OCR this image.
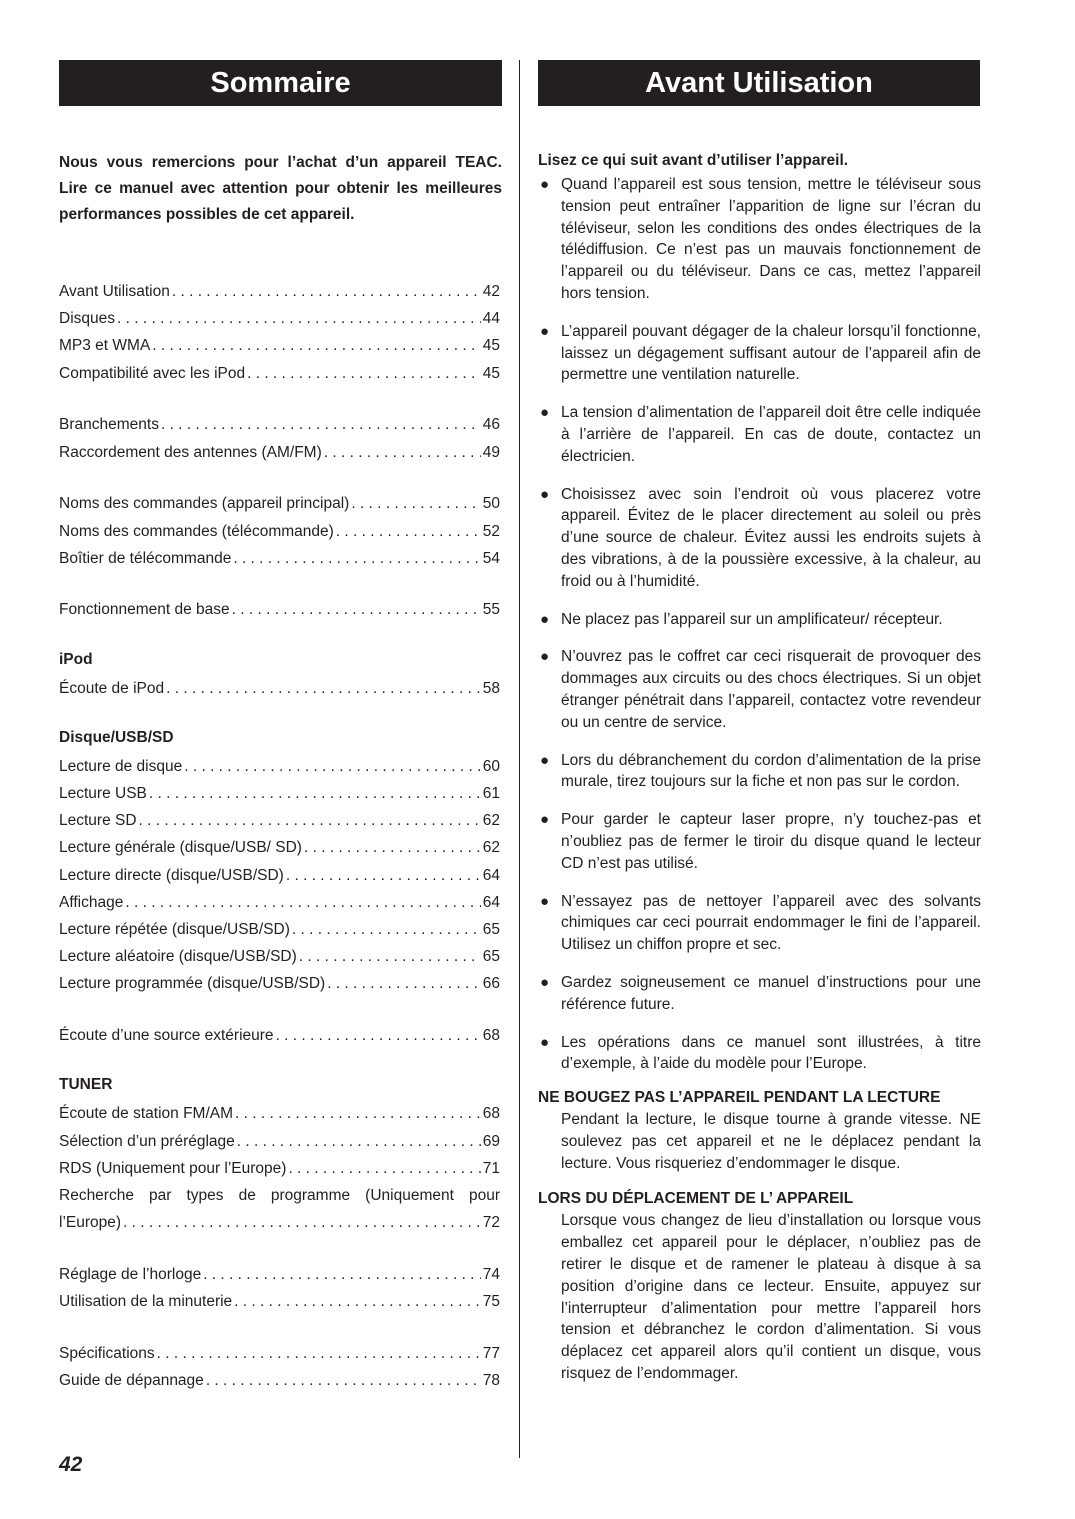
Sommaire	Avant Utilisation

Nous vous remercions pour l’achat d’un appareil TEAC. Lire ce manuel avec attention pour obtenir les meilleures performances possibles de cet appareil.

Avant Utilisation . . .	42
Disques . . .	44
MP3 et WMA . . .	45
Compatibilité avec les iPod . . .	45
Branchements . . .	46
Raccordement des antennes (AM/FM) . . .	49
Noms des commandes (appareil principal) . . .	50
Noms des commandes (télécommande) . . .	52
Boîtier de télécommande . . .	54
Fonctionnement de base . . .	55
iPod
Écoute de iPod . . .	58
Disque/USB/SD
Lecture de disque . . .	60
Lecture USB . . .	61
Lecture SD . . .	62
Lecture générale (disque/USB/ SD) . . .	62
Lecture directe (disque/USB/SD) . . .	64
Affichage . . .	64
Lecture répétée (disque/USB/SD) . . .	65
Lecture aléatoire (disque/USB/SD) . . .	65
Lecture programmée (disque/USB/SD) . . .	66
Écoute d’une source extérieure . . .	68
TUNER
Écoute de station FM/AM . . .	68
Sélection d’un préréglage . . .	69
RDS (Uniquement pour l’Europe) . . .	71
Recherche par types de programme (Uniquement pour
l’Europe) . . .	72
Réglage de l’horloge . . .	74
Utilisation de la minuterie . . .	75
Spécifications . . .	77
Guide de dépannage . . .	78

Lisez ce qui suit avant d’utiliser l’appareil.

● Quand l’appareil est sous tension, mettre le téléviseur sous tension peut entraîner l’apparition de ligne sur l’écran du téléviseur, selon les conditions des ondes électriques de la télédiffusion. Ce n’est pas un mauvais fonctionnement de l’appareil ou du téléviseur. Dans ce cas, mettez l’appareil hors tension.
● L’appareil pouvant dégager de la chaleur lorsqu’il fonctionne, laissez un dégagement suffisant autour de l’appareil afin de permettre une ventilation naturelle.
● La tension d’alimentation de l’appareil doit être celle indiquée à l’arrière de l’appareil. En cas de doute, contactez un électricien.
● Choisissez avec soin l’endroit où vous placerez votre appareil. Évitez de le placer directement au soleil ou près d’une source de chaleur. Évitez aussi les endroits sujets à des vibrations, à de la poussière excessive, à la chaleur, au froid ou à l’humidité.
● Ne placez pas l’appareil sur un amplificateur/ récepteur.
● N’ouvrez pas le coffret car ceci risquerait de provoquer des dommages aux circuits ou des chocs électriques. Si un objet étranger pénétrait dans l’appareil, contactez votre revendeur ou un centre de service.
● Lors du débranchement du cordon d’alimentation de la prise murale, tirez toujours sur la fiche et non pas sur le cordon.
● Pour garder le capteur laser propre, n’y touchez-pas et n’oubliez pas de fermer le tiroir du disque quand le lecteur CD n’est pas utilisé.
● N’essayez pas de nettoyer l’appareil avec des solvants chimiques car ceci pourrait endommager le fini de l’appareil. Utilisez un chiffon propre et sec.
● Gardez soigneusement ce manuel d’instructions pour une référence future.
● Les opérations dans ce manuel sont illustrées, à titre d’exemple, à l’aide du modèle pour l’Europe.

NE BOUGEZ PAS L’APPAREIL PENDANT LA LECTURE

Pendant la lecture, le disque tourne à grande vitesse. NE soulevez pas cet appareil et ne le déplacez pendant la lecture. Vous risqueriez d’endommager le disque.

LORS DU DÉPLACEMENT DE L’ APPAREIL

Lorsque vous changez de lieu d’installation ou lorsque vous emballez cet appareil pour le déplacer, n’oubliez pas de retirer le disque et de ramener le plateau à disque à sa position d’origine dans ce lecteur. Ensuite, appuyez sur l’interrupteur d’alimentation pour mettre l’appareil hors tension et débranchez le cordon d’alimentation. Si vous déplacez cet appareil alors qu’il contient un disque, vous risquez de l’endommager.
42
